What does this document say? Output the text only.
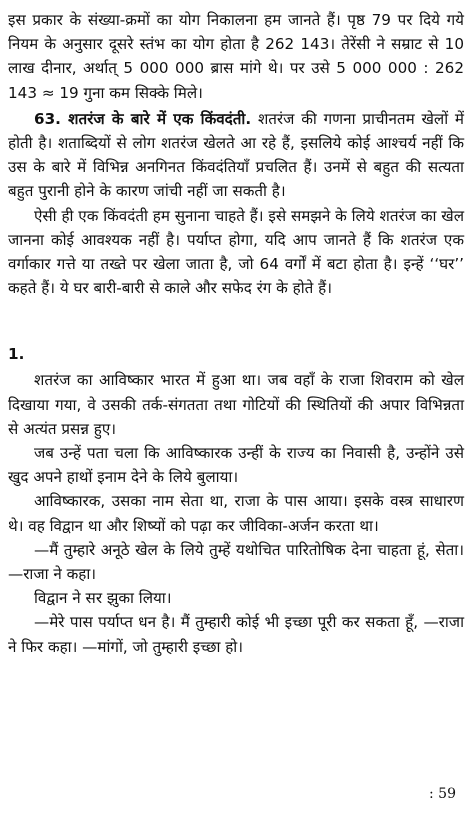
इस प्रकार के संख्या-क्रमों का योग निकालना हम जानते हैं। पृष्ठ 79 पर दिये गये नियम के अनुसार दूसरे स्तंभ का योग होता है 262 143। तेरेंसी ने सम्राट से 10 लाख दीनार, अर्थात् 5 000 000 ब्रास मांगे थे। पर उसे 5 000 000 : 262 143 ≈ 19 गुना कम सिक्के मिले।

63. शतरंज के बारे में एक किंवदंती. शतरंज की गणना प्राचीनतम खेलों में होती है। शताब्दियों से लोग शतरंज खेलते आ रहे हैं, इसलिये कोई आश्चर्य नहीं कि उस के बारे में विभिन्न अनगिनत किंवदंतियाँ प्रचलित हैं। उनमें से बहुत की सत्यता बहुत पुरानी होने के कारण जांची नहीं जा सकती है।

ऐसी ही एक किंवदंती हम सुनाना चाहते हैं। इसे समझने के लिये शतरंज का खेल जानना कोई आवश्यक नहीं है। पर्याप्त होगा, यदि आप जानते हैं कि शतरंज एक वर्गाकार गत्ते या तख्ते पर खेला जाता है, जो 64 वर्गों में बटा होता है। इन्हें ‘‘घर’’ कहते हैं। ये घर बारी-बारी से काले और सफेद रंग के होते हैं।

1.

शतरंज का आविष्कार भारत में हुआ था। जब वहाँ के राजा शिवराम को खेल दिखाया गया, वे उसकी तर्क-संगतता तथा गोटियों की स्थितियों की अपार विभिन्नता से अत्यंत प्रसन्न हुए।

जब उन्हें पता चला कि आविष्कारक उन्हीं के राज्य का निवासी है, उन्होंने उसे खुद अपने हाथों इनाम देने के लिये बुलाया।

आविष्कारक, उसका नाम सेता था, राजा के पास आया। इसके वस्त्र साधारण थे। वह विद्वान था और शिष्यों को पढ़ा कर जीविका-अर्जन करता था।

—मैं तुम्हारे अनूठे खेल के लिये तुम्हें यथोचित पारितोषिक देना चाहता हूं, सेता। —राजा ने कहा।

विद्वान ने सर झुका लिया।

—मेरे पास पर्याप्त धन है। मैं तुम्हारी कोई भी इच्छा पूरी कर सकता हूँ, —राजा ने फिर कहा। —मांगों, जो तुम्हारी इच्छा हो।

: 59
